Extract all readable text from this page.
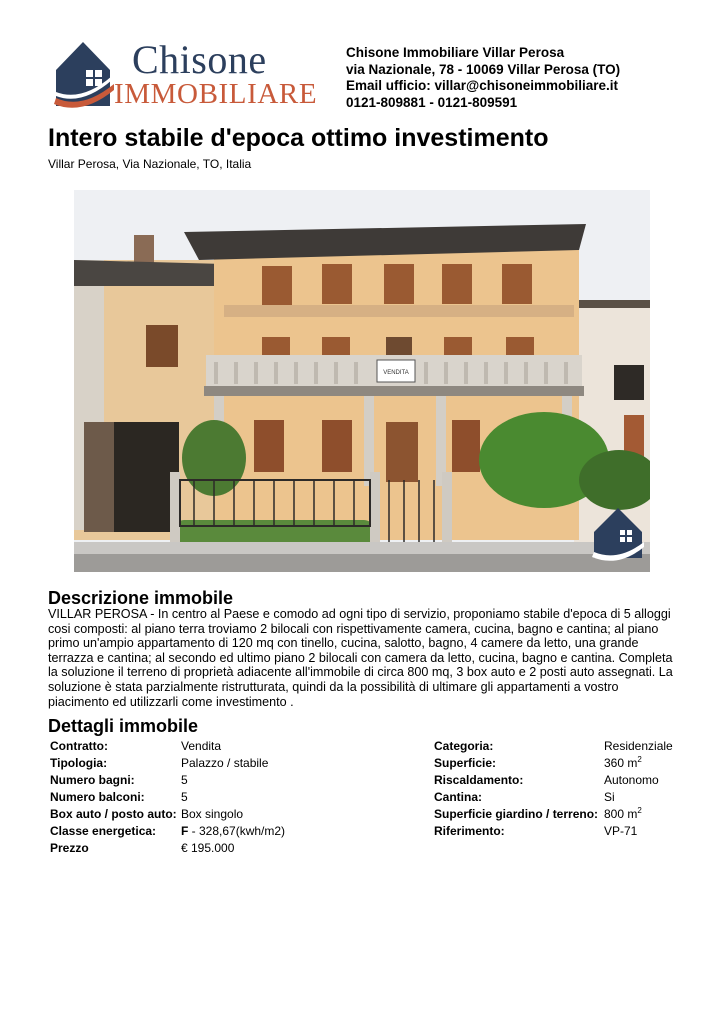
Chisone
IMMOBILIARE
Chisone Immobiliare Villar Perosa
via Nazionale, 78 - 10069 Villar Perosa (TO)
Email ufficio: villar@chisoneimmobiliare.it
0121-809881 - 0121-809591
Intero stabile d'epoca ottimo investimento
Villar Perosa, Via Nazionale, TO, Italia
VENDITA
Descrizione immobile

VILLAR PEROSA - In centro al Paese e comodo ad ogni tipo di servizio, proponiamo stabile d'epoca di 5 alloggi cosi composti: al piano terra troviamo 2 bilocali con rispettivamente camera, cucina, bagno e cantina; al piano primo un'ampio appartamento di 120 mq con tinello, cucina, salotto, bagno, 4 camere da letto, una grande terrazza e cantina; al secondo ed ultimo piano 2 bilocali con camera da letto, cucina, bagno e cantina. Completa la soluzione il terreno di proprietà adiacente all'immobile di circa 800 mq, 3 box auto e 2 posti auto assegnati. La soluzione è stata parzialmente ristrutturata, quindi da la possibilità di ultimare gli appartamenti a vostro piacimento ed utilizzarli come investimento .

Dettagli immobile
Contratto:	Vendita
Tipologia:	Palazzo / stabile
Numero bagni:	5
Numero balconi:	5
Box auto / posto auto: Box singolo
Classe energetica: F - 328,67(kwh/m2)
Prezzo	€ 195.000
Categoria:	Residenziale
Superficie:	360 $m^2$
Riscaldamento:	Autonomo
Cantina:	Si
Superficie giardino / terreno: 800 $m^2$
Riferimento:	VP-71
